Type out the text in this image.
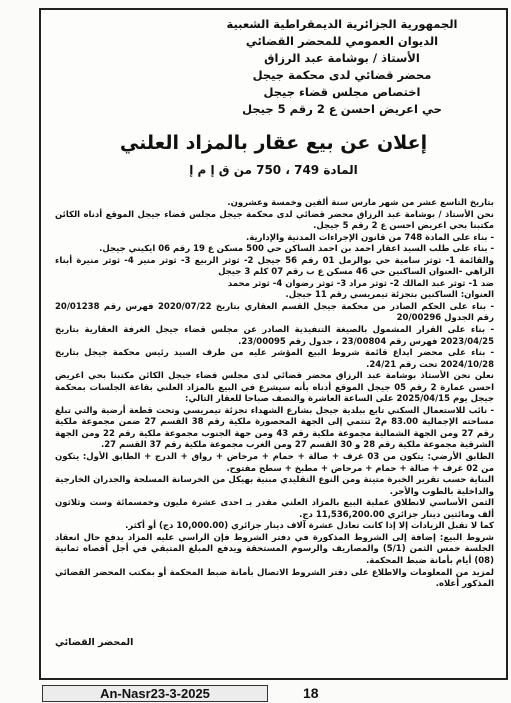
الجمهورية الجزائرية الديمقراطية الشعبية
الديوان العمومي للمحضر القضائي
الأستاذ / بوشامة عبد الرزاق
محضر قضائي لدى محكمة جيجل
اختصاص مجلس قضاء جيجل
حي اعريض احسن ع 2 رقم 5 جيجل
إعلان عن بيع عقار بالمزاد العلني
المادة 749 ، 750 من ق إ م إ

بتاريخ التاسع عشر من شهر مارس سنة ألفين وخمسة وعشرون.

نحن الأستاذ / بوشامة عبد الرزاق محضر قضائي لدى محكمة جيجل مجلس قضاء جيجل الموقع أدناه الكائن مكتبنا بحي اعريض احسن ع 2 رقم 5 جيجل.

- بناء على المادة 748 من قانون الإجراءات المدنية والإدارية.

- بناء على طلب السيد اعقار احمد بن احمد الساكن حي 500 مسكن ع 19 رقم 06 ايكيني جيجل.

والقائمة 1- ثوثر سامية حي بوالرمل 01 رقم 56 جيجل 2- ثوثر الربيع 3- ثوثر منير 4- ثوثر منيرة أبناء الزاهي -العنوان الساكنين حي 46 مسكن ع ب رقم 07 كلم 3 جيجل

ضد 1- ثوثر عبد المالك 2- ثوثر مراد 3- ثوثر رضوان 4- ثوثر محمد

العنوان: الساكنين بتجزئة تيمريسي رقم 11 جيجل.

- بناء على الحكم الصادر من محكمة جيجل القسم العقاري بتاريخ 2020/07/22 فهرس رقم 20/01238 رقم الجدول 20/00296

- بناء على القرار المشمول بالصيغة التنفيذية الصادر عن مجلس قضاء جيجل الغرفة العقارية بتاريخ 2023/04/25 فهرس رقم 23/00804 ، جدول رقم 23/00095.

- بناء على محضر ايداع قائمة شروط البيع المؤشر عليه من طرف السيد رئيس محكمة جيجل بتاريخ 2024/10/28 تحت رقم 24/21.

نعلن نحن الأستاذ بوشامة عبد الرزاق محضر قضائي لدى مجلس قضاء جيجل الكائن مكتبنا بحي اعريض احسن عمارة 2 رقم 05 جيجل الموقع أدناه بأنه سيشرع في البيع بالمزاد العلني بقاعة الجلسات بمحكمة جيجل يوم 2025/04/15 على الساعة العاشرة والنصف صباحا للعقار التالي:

- نائب للاستعمال السكني تابع ببلدية جيجل بشارع الشهداء تجزئة تيمريسي وتحت قطعة أرضية والتي تبلغ مساحته الإجمالية 83.00 م2 تنتمي إلى الجهة المحصورة ملكية رقم 38 القسم 27 ضمن مجموعة ملكية رقم 27 ومن الجهة الشمالية مجموعة ملكية رقم 43 ومن جهة الجنوب مجموعة ملكية رقم 22 ومن الجهة الشرقية مجموعة ملكية رقم 28 و 30 القسم 27 ومن الغرب مجموعة ملكية رقم 37 القسم 27.

الطابق الأرضي: يتكون من 03 غرف + صالة + حمام + مرحاض + رواق + الدرج + الطابق الأول: يتكون من 02 غرف + صالة + حمام + مرحاض + مطبخ + سطح مفتوح.

البناية حسب تقرير الخبرة متينة ومن النوع التقليدي مبنية بهيكل من الخرسانة المسلحة والجدران الخارجية والداخلية بالطوب والأجر.

الثمن الأساسي لانطلاق عملية البيع بالمزاد العلني مقدر بـ احدى عشرة مليون وخمسمائة وست وثلاثون ألف ومائتين دينار جزائري 11,536,200.00 دج.

كما لا تقبل الزيادات إلا إذا كانت تعادل عشرة آلاف دينار جزائري (10,000.00 دج) أو أكثر.

شروط البيع: إضافة إلى الشروط المذكورة في دفتر الشروط فإن الراسي عليه المزاد يدفع حال انعقاد الجلسة خمس الثمن (5/1) والمصاريف والرسوم المستحقة ويدفع المبلغ المتبقي في أجل أقصاه ثمانية (08) أيام بأمانة ضبط المحكمة.

لمزيد من المعلومات والاطلاع على دفتر الشروط الاتصال بأمانة ضبط المحكمة أو بمكتب المحضر القضائي المذكور أعلاه.

المحضر القضائي
An-Nasr23-3-2025	18
